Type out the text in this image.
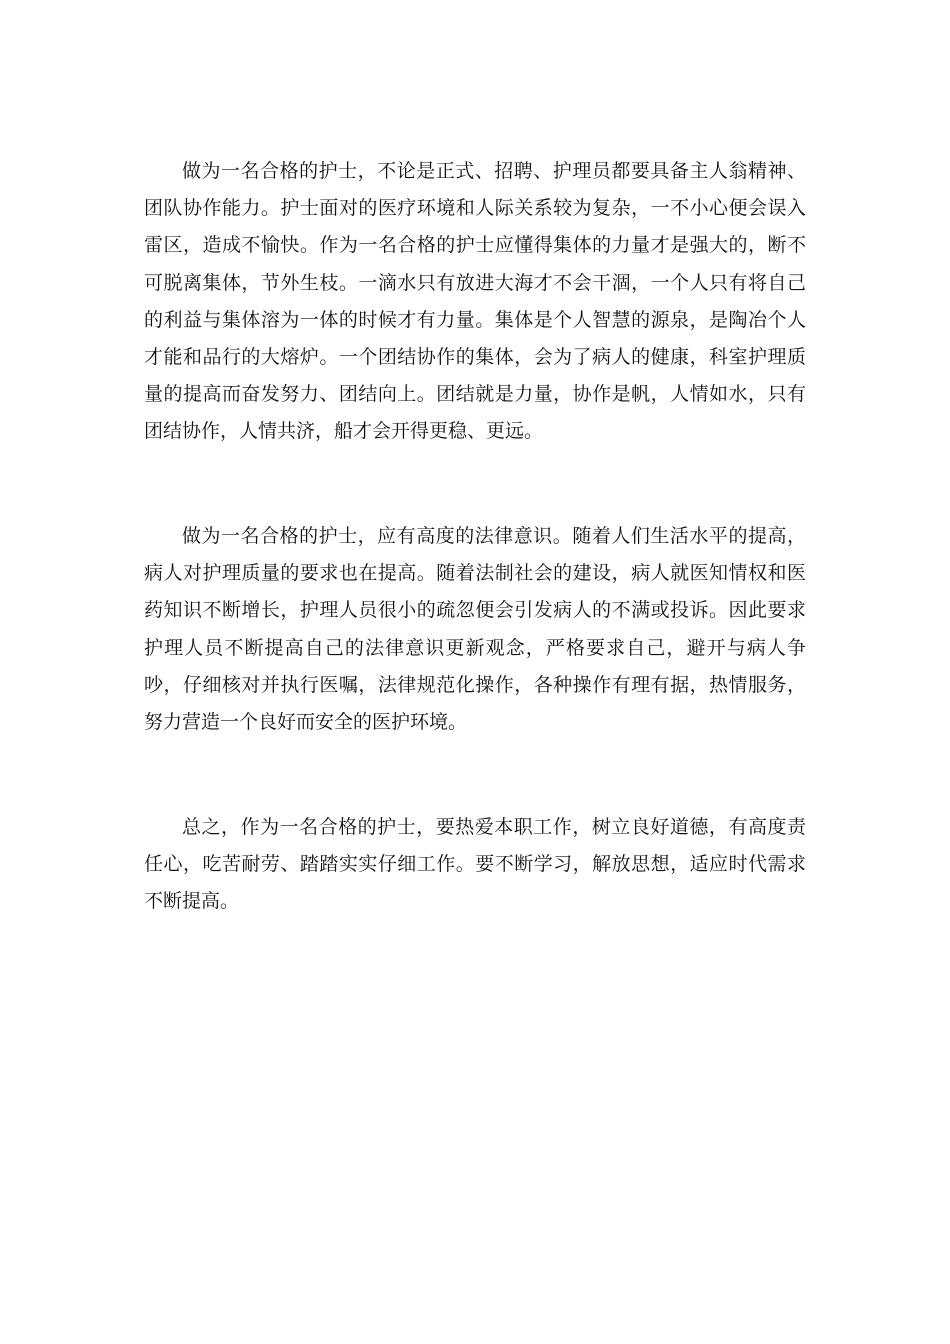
做为一名合格的护士，不论是正式、招聘、护理员都要具备主人翁精神、团队协作能力。护士面对的医疗环境和人际关系较为复杂，一不小心便会误入雷区，造成不愉快。作为一名合格的护士应懂得集体的力量才是强大的，断不可脱离集体，节外生枝。一滴水只有放进大海才不会干涸，一个人只有将自己的利益与集体溶为一体的时候才有力量。集体是个人智慧的源泉，是陶冶个人才能和品行的大熔炉。一个团结协作的集体，会为了病人的健康，科室护理质量的提高而奋发努力、团结向上。团结就是力量，协作是帆，人情如水，只有团结协作，人情共济，船才会开得更稳、更远。

做为一名合格的护士，应有高度的法律意识。随着人们生活水平的提高，病人对护理质量的要求也在提高。随着法制社会的建设，病人就医知情权和医药知识不断增长，护理人员很小的疏忽便会引发病人的不满或投诉。因此要求护理人员不断提高自己的法律意识更新观念，严格要求自己，避开与病人争吵，仔细核对并执行医嘱，法律规范化操作，各种操作有理有据，热情服务，努力营造一个良好而安全的医护环境。

总之，作为一名合格的护士，要热爱本职工作，树立良好道德，有高度责任心，吃苦耐劳、踏踏实实仔细工作。要不断学习，解放思想，适应时代需求不断提高。
